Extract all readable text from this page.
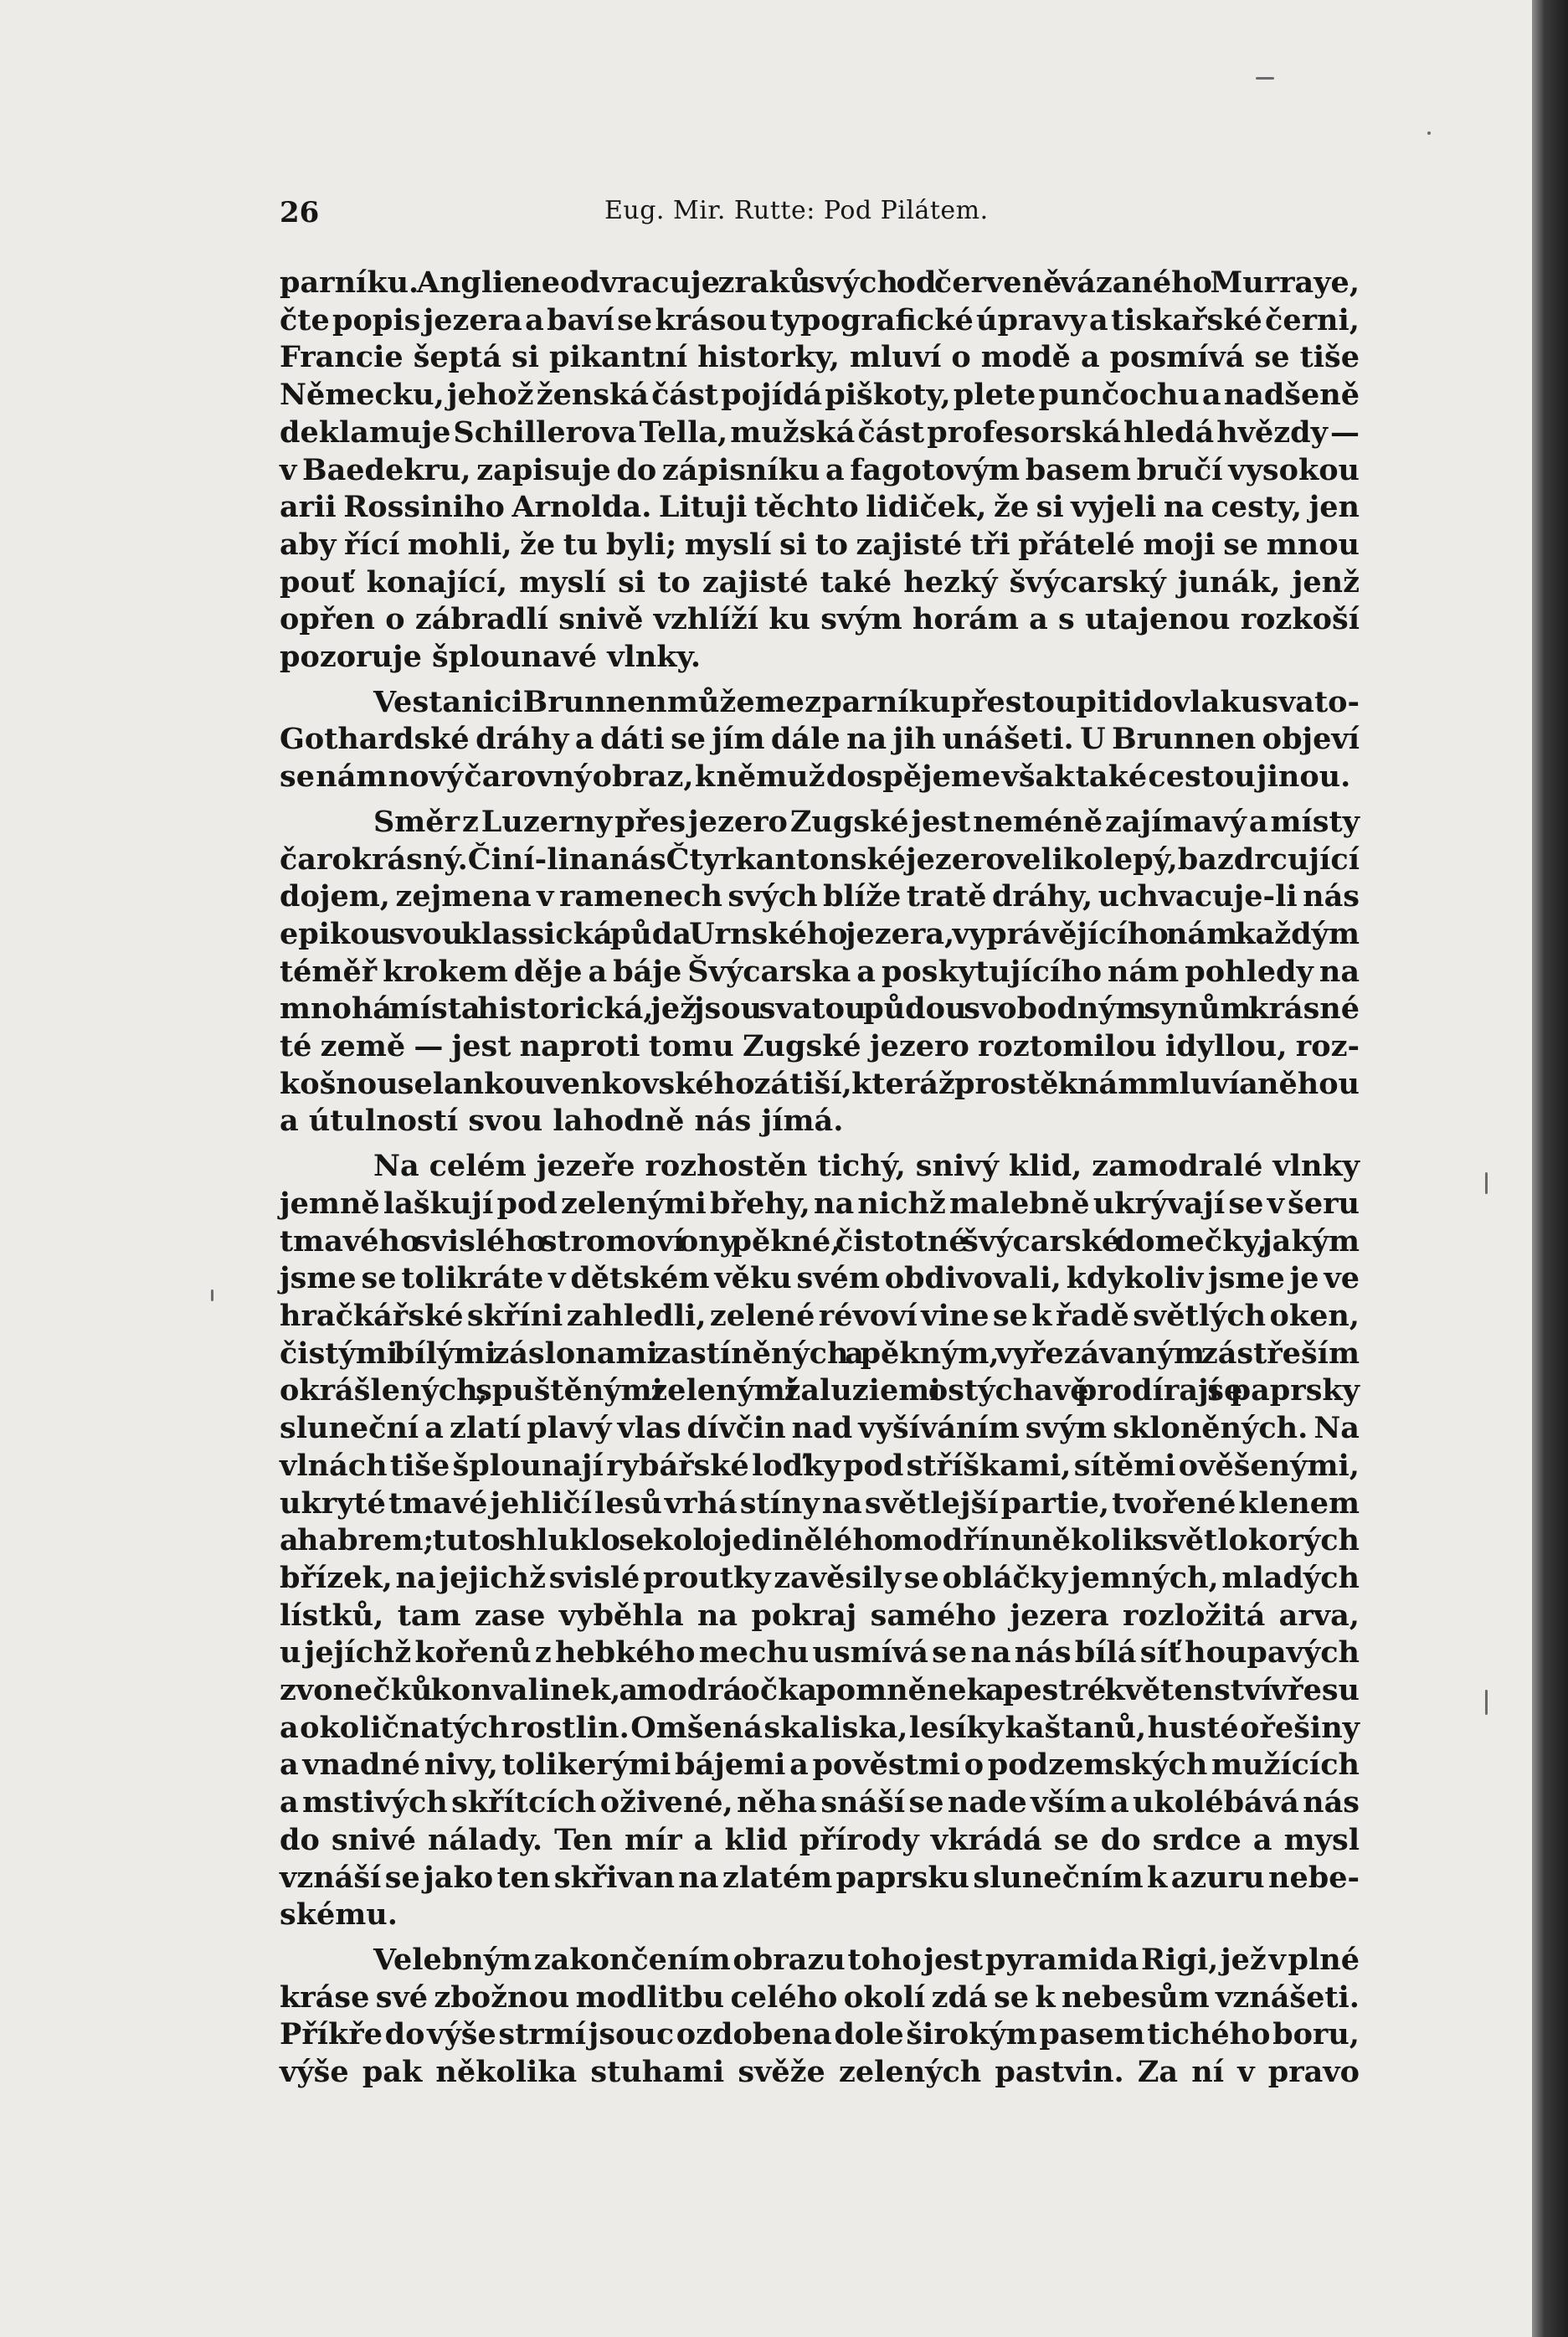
26	Eug. Mir. Rutte: Pod Pilátem.
parníku. Anglie neodvracuje zraků svých od červeně vázaného Murraye,
čte popis jezera a baví se krásou typografické úpravy a tiskařské černi,
Francie šeptá si pikantní historky, mluví o modě a posmívá se tiše
Německu, jehož ženská část pojídá piškoty, plete punčochu a nadšeně
deklamuje Schillerova Tella, mužská část profesorská hledá hvězdy —
v Baedekru, zapisuje do zápisníku a fagotovým basem bručí vysokou
arii Rossiniho Arnolda. Lituji těchto lidiček, že si vyjeli na cesty, jen
aby řící mohli, že tu byli; myslí si to zajisté tři přátelé moji se mnou
pouť konající, myslí si to zajisté také hezký švýcarský junák, jenž
opřen o zábradlí snivě vzhlíží ku svým horám a s utajenou rozkoší
pozoruje šplounavé vlnky.
Ve stanici Brunnen můžeme z parníku přestoupiti do vlaku svato-
Gothardské dráhy a dáti se jím dále na jih unášeti. U Brunnen objeví
se nám nový čarovný obraz, k němuž dospějeme však také cestou jinou.
Směr z Luzerny přes jezero Zugské jest neméně zajímavý a místy
čarokrásný. Činí-li na nás Čtyrkantonské jezero velikolepý, ba zdrcující
dojem, zejmena v ramenech svých blíže tratě dráhy, uchvacuje-li nás
epikou svou klassická půda Urnského jezera, vyprávějícího nám každým
téměř krokem děje a báje Švýcarska a poskytujícího nám pohledy na
mnohá místa historická, jež jsou svatou půdou svobodným synům krásné
té země — jest naproti tomu Zugské jezero roztomilou idyllou, roz-
košnou selankou venkovského zátiší, kteráž prostě k nám mluví a něhou
a útulností svou lahodně nás jímá.
Na celém jezeře rozhostěn tichý, snivý klid, zamodralé vlnky
jemně laškují pod zelenými břehy, na nichž malebně ukrývají se v šeru
tmavého svislého stromoví ony pěkné, čistotné švýcarské domečky, jakým
jsme se tolikráte v dětském věku svém obdivovali, kdykoliv jsme je ve
hračkářské skříni zahledli, zelené révoví vine se k řadě světlých oken,
čistými bílými záslonami zastíněných a pěkným, vyřezávaným zástřeším
okrášlených, spuštěnými zelenými žaluziemi ostýchavě prodírají se paprsky
sluneční a zlatí plavý vlas dívčin nad vyšíváním svým skloněných. Na
vlnách tiše šplounají rybářské loďky pod stříškami, sítěmi ověšenými,
ukryté tmavé jehličí lesů vrhá stíny na světlejší partie, tvořené klenem
a habrem; tuto shluklo se kol ojedinělého modřínu několik světlokorých
břízek, na jejichž svislé proutky zavěsily se obláčky jemných, mladých
lístků, tam zase vyběhla na pokraj samého jezera rozložitá arva,
u jejíchž kořenů z hebkého mechu usmívá se na nás bílá síť houpavých
zvonečků konvalinek, a modrá očka pomněnek a pestré květenství vřesu
a okoličnatých rostlin. Omšená skaliska, lesíky kaštanů, husté ořešiny
a vnadné nivy, tolikerými bájemi a pověstmi o podzemských mužících
a mstivých skřítcích oživené, něha snáší se nade vším a ukolébává nás
do snivé nálady. Ten mír a klid přírody vkrádá se do srdce a mysl
vznáší se jako ten skřivan na zlatém paprsku slunečním k azuru nebe-
skému.
Velebným zakončením obrazu toho jest pyramida Rigi, jež v plné
kráse své zbožnou modlitbu celého okolí zdá se k nebesům vznášeti.
Příkře do výše strmí jsouc ozdobena dole širokým pasem tichého boru,
výše pak několika stuhami svěže zelených pastvin. Za ní v pravo
